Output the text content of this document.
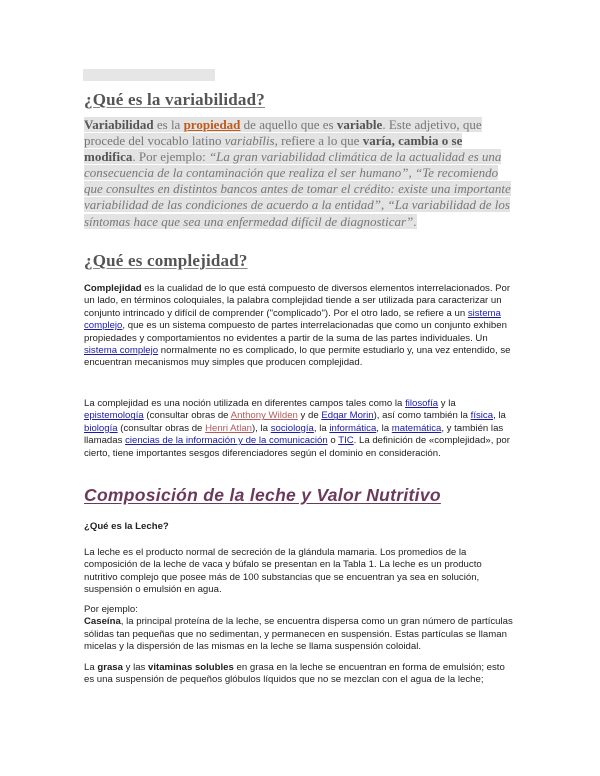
¿Qué es la variabilidad?
Variabilidad es la propiedad de aquello que es variable. Este adjetivo, que procede del vocablo latino variabĭlis, refiere a lo que varía, cambia o se modifica. Por ejemplo: “La gran variabilidad climática de la actualidad es una consecuencia de la contaminación que realiza el ser humano”, “Te recomiendo que consultes en distintos bancos antes de tomar el crédito: existe una importante variabilidad de las condiciones de acuerdo a la entidad”, “La variabilidad de los síntomas hace que sea una enfermedad difícil de diagnosticar”.
¿Qué es complejidad?
Complejidad es la cualidad de lo que está compuesto de diversos elementos interrelacionados. Por un lado, en términos coloquiales, la palabra complejidad tiende a ser utilizada para caracterizar un conjunto intrincado y difícil de comprender ("complicado"). Por el otro lado, se refiere a un sistema complejo, que es un sistema compuesto de partes interrelacionadas que como un conjunto exhiben propiedades y comportamientos no evidentes a partir de la suma de las partes individuales. Un sistema complejo normalmente no es complicado, lo que permite estudiarlo y, una vez entendido, se encuentran mecanismos muy simples que producen complejidad.
La complejidad es una noción utilizada en diferentes campos tales como la filosofía y la epistemología (consultar obras de Anthony Wilden y de Edgar Morin), así como también la física, la biología (consultar obras de Henri Atlan), la sociología, la informática, la matemática, y también las llamadas ciencias de la información y de la comunicación o TIC. La definición de «complejidad», por cierto, tiene importantes sesgos diferenciadores según el dominio en consideración.
Composición de la leche y Valor Nutritivo
¿Qué es la Leche?
La leche es el producto normal de secreción de la glándula mamaria. Los promedios de la composición de la leche de vaca y búfalo se presentan en la Tabla 1. La leche es un producto nutritivo complejo que posee más de 100 substancias que se encuentran ya sea en solución, suspensión o emulsión en agua.
Por ejemplo:
Caseína, la principal proteína de la leche, se encuentra dispersa como un gran número de partículas sólidas tan pequeñas que no sedimentan, y permanecen en suspensión. Estas partículas se llaman micelas y la dispersión de las mismas en la leche se llama suspensión coloidal.
La grasa y las vitaminas solubles en grasa en la leche se encuentran en forma de emulsión; esto es una suspensión de pequeños glóbulos líquidos que no se mezclan con el agua de la leche;
